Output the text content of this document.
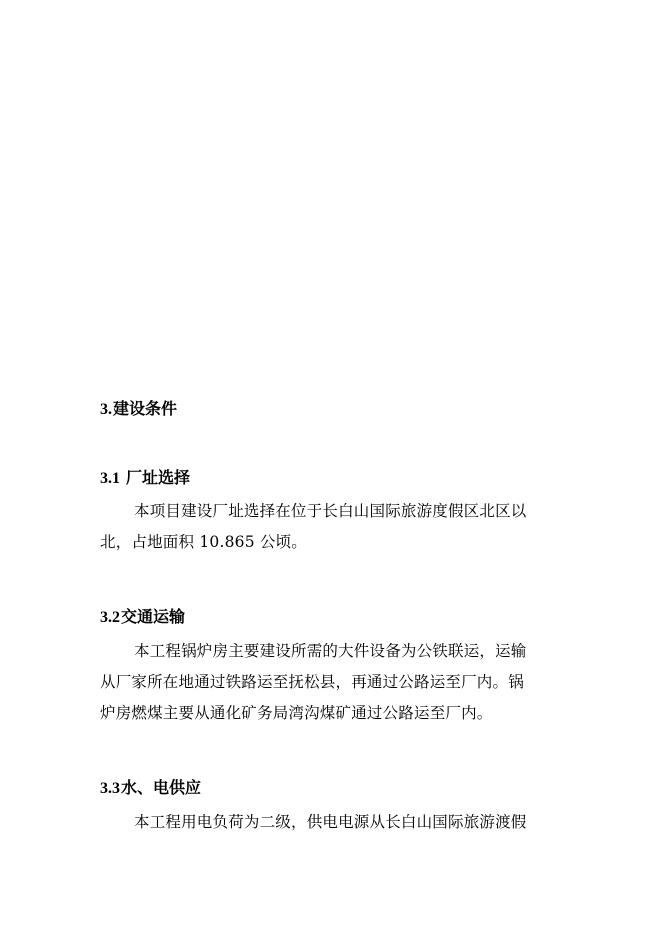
3.建设条件
3.1 厂址选择
本项目建设厂址选择在位于长白山国际旅游度假区北区以
北，占地面积 10.865 公顷。
3.2交通运输
本工程锅炉房主要建设所需的大件设备为公铁联运，运输
从厂家所在地通过铁路运至抚松县，再通过公路运至厂内。锅
炉房燃煤主要从通化矿务局湾沟煤矿通过公路运至厂内。
3.3水、电供应
本工程用电负荷为二级，供电电源从长白山国际旅游渡假
